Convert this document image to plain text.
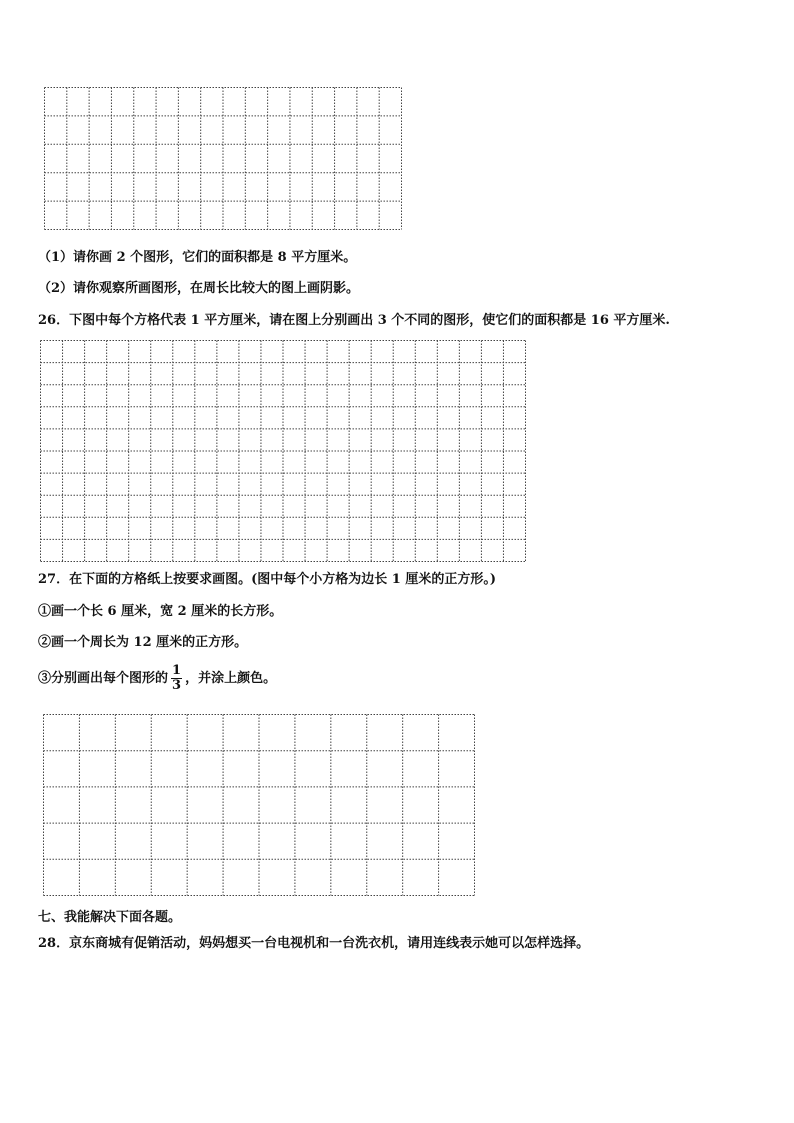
（1）请你画 2 个图形，它们的面积都是 8 平方厘米。
（2）请你观察所画图形，在周长比较大的图上画阴影。
26．下图中每个方格代表 1 平方厘米，请在图上分别画出 3 个不同的图形，使它们的面积都是 16 平方厘米.
27．在下面的方格纸上按要求画图。(图中每个小方格为边长 1 厘米的正方形。)
①画一个长 6 厘米，宽 2 厘米的长方形。
②画一个周长为 12 厘米的正方形。
③分别画出每个图形的 $\frac{1}{3}$ ，并涂上颜色。
七、我能解决下面各题。
28．京东商城有促销活动，妈妈想买一台电视机和一台洗衣机，请用连线表示她可以怎样选择。
